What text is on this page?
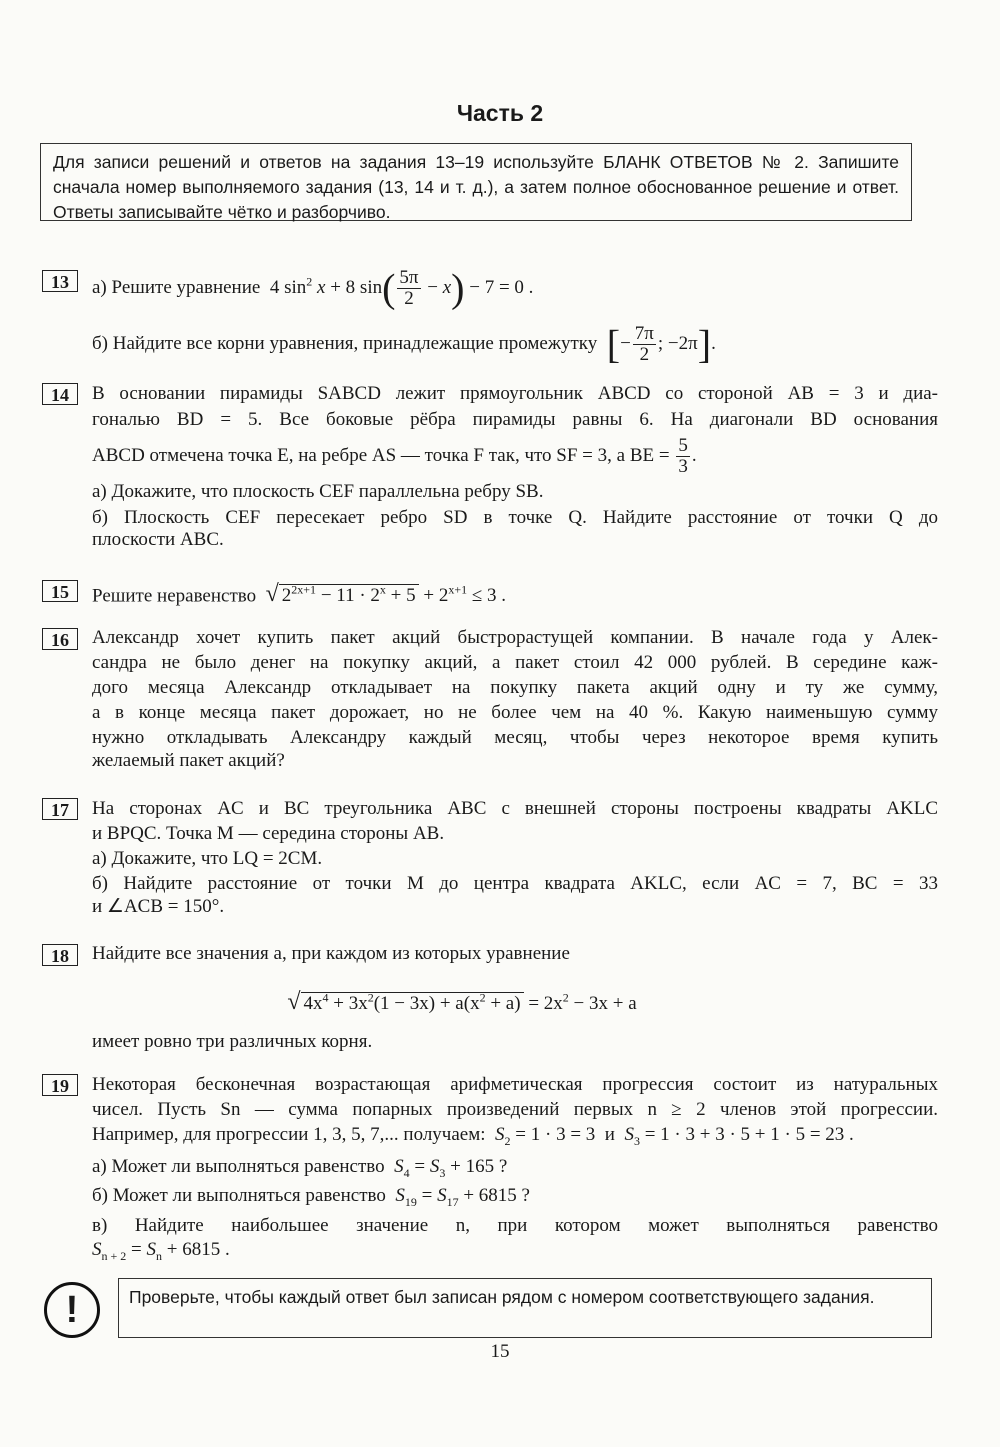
Часть 2
Для записи решений и ответов на задания 13–19 используйте БЛАНК ОТВЕТОВ № 2. Запишите сначала номер выполняемого задания (13, 14 и т. д.), а затем полное обоснованное решение и ответ. Ответы записывайте чётко и разборчиво.
13	а) Решите уравнение  4 $\sin^2 x + 8$ $\sin( \frac{5\pi}{2} - x) - 7 = 0$ .
б) Найдите все корни уравнения, принадлежащие промежутку [− $\frac{7\pi}{2}$ ; −2π].
14	В основании пирамиды SABCD лежит прямоугольник ABCD со стороной AB = 3 и диа-
гональю BD = 5. Все боковые рёбра пирамиды равны 6. На диагонали BD основания
ABCD отмечена точка E, на ребре AS — точка F так, что SF = 3, а BE = $\frac{5}{3}$ .
а) Докажите, что плоскость CEF параллельна ребру SB.
б) Плоскость CEF пересекает ребро SD в точке Q. Найдите расстояние от точки Q до
плоскости ABC.
15	Решите неравенство √ $2^{2x+1} - 11 \cdot 2^x + 5 + 2^{x+1} \le 3$ .
16	Александр хочет купить пакет акций быстрорастущей компании. В начале года у Алек-
сандра не было денег на покупку акций, а пакет стоил 42 000 рублей. В середине каж-
дого месяца Александр откладывает на покупку пакета акций одну и ту же сумму,
а в конце месяца пакет дорожает, но не более чем на 40 %. Какую наименьшую сумму
нужно откладывать Александру каждый месяц, чтобы через некоторое время купить
желаемый пакет акций?
17	На сторонах AC и BC треугольника ABC с внешней стороны построены квадраты AKLC
и BPQC. Точка M — середина стороны AB.
а) Докажите, что LQ = 2CM.
б) Найдите расстояние от точки M до центра квадрата AKLC, если AC = 7, BC = 33
и ∠ACB = 150°.
18	Найдите все значения a, при каждом из которых уравнение
√ $4x^4 + 3x^2(1 - 3x) + a(x^2 + a) = 2x^2 - 3x + a$
имеет ровно три различных корня.
19	Некоторая бесконечная возрастающая арифметическая прогрессия состоит из натуральных
чисел. Пусть Sn — сумма попарных произведений первых n ≥ 2 членов этой прогрессии.
Например, для прогрессии 1, 3, 5, 7,... получаем: $S_2 = 1 \cdot 3 = 3$  и  $S_3 = 1 \cdot 3 + 3 \cdot 5 + 1 \cdot 5 = 23$ .
а) Может ли выполняться равенство $S_4 = S_3 + 165$ ?
б) Может ли выполняться равенство $S_{19} = S_{17} + 6815$ ?
в) Найдите наибольшее значение n, при котором может выполняться равенство
$S_{n + 2} = S_n + 6815$ .
!	Проверьте, чтобы каждый ответ был записан рядом с номером соответствующего задания.
15
